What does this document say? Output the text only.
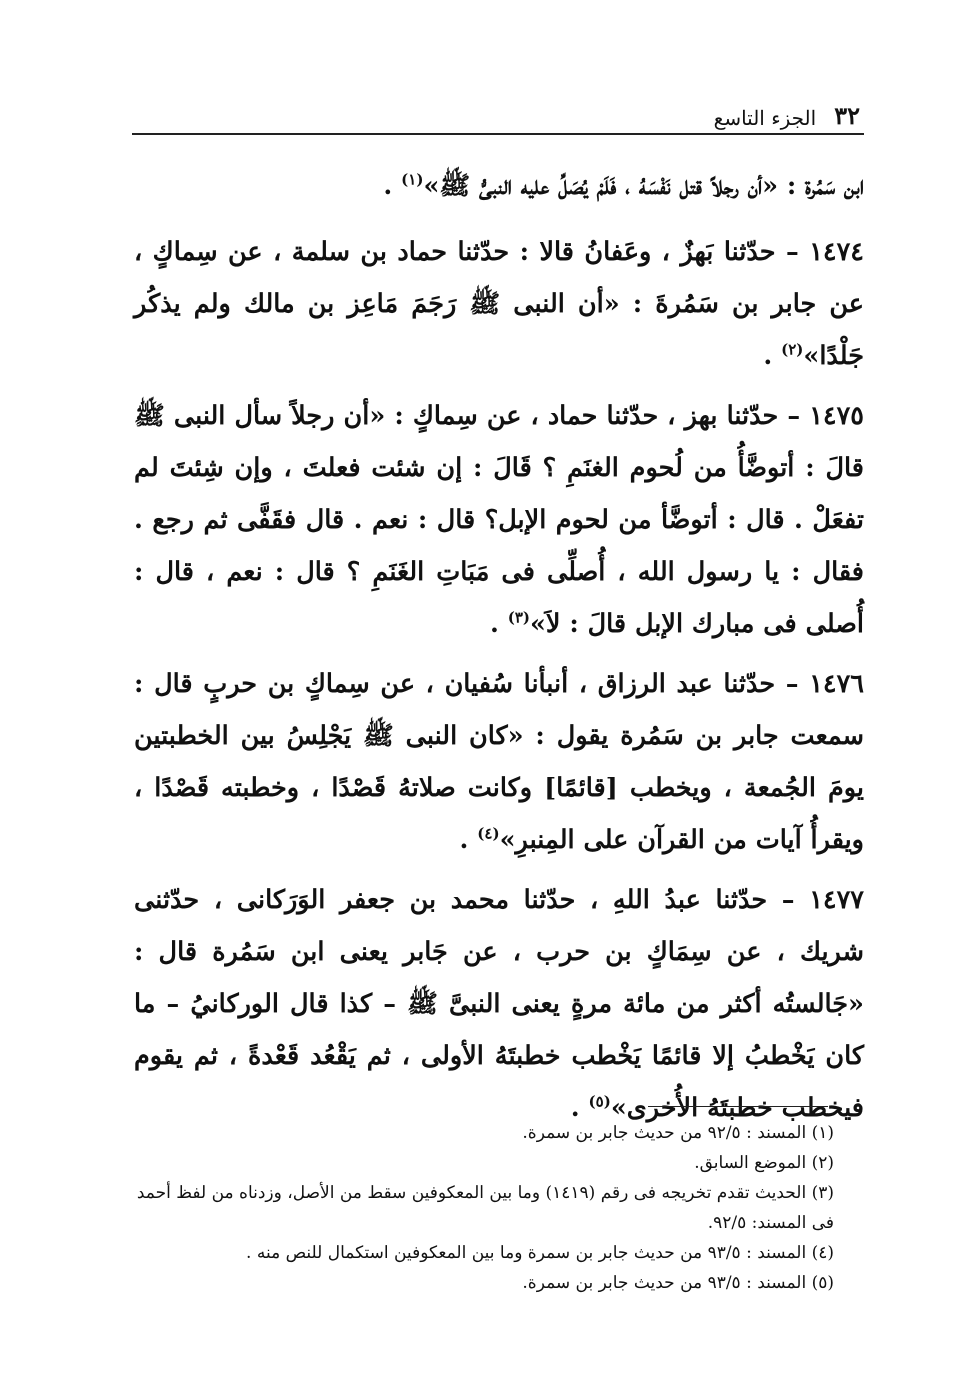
٣٢
الجزء التاسع

ابن سَمُرة : «أن رجلاً قتل نَفْسَهُ ، فَلَمْ يُصَلِّ عليه النبىُّ ﷺ»$^{(١)}$ .

١٤٧٤ – حدّثنا بَهزٌ ، وعَفانُ قالا : حدّثنا حماد بن سلمة ، عن سِماكٍ ، عن جابر بن سَمُرةَ : «أن النبى ﷺ رَجَمَ مَاعِز بن مالك ولم يذكُر جَلْدًا»$^{(٢)}$ .

١٤٧٥ – حدّثنا بهز ، حدّثنا حماد ، عن سِماكٍ : «أن رجلاً سأل النبى ﷺ قالَ : أتوضَّأُ من لُحوم الغنَمِ ؟ قَالَ : إن شئت فعلتَ ، وإن شِئتَ لم تفعَلْ . قال : أتوضَّأ من لحوم الإبل؟ قال : نعم . قال فقَفَّى ثم رجع . فقال : يا رسول الله ، أُصلِّى فى مَبَاتِ الغَنَمِ ؟ قال : نعم ، قال : أُصلى فى مبارك الإبل قالَ : لاَ»$^{(٣)}$ .

١٤٧٦ – حدّثنا عبد الرزاق ، أنبأنا سُفيان ، عن سِماكٍ بن حربٍ قال : سمعت جابر بن سَمُرة يقول : «كان النبى ﷺ يَجْلِسُ بين الخطبتين يومَ الجُمعة ، ويخطب [قائمًا] وكانت صلاتهُ قَصْدًا ، وخطبته قَصْدًا ، ويقرأُ آيات من القرآن على المِنبرِ»$^{(٤)}$ .

١٤٧٧ – حدّثنا عبدُ اللهِ ، حدّثنا محمد بن جعفر الوَرَكانى ، حدّثنى شريك ، عن سِمَاكٍ بن حرب ، عن جَابر يعنى ابن سَمُرة قال : «جَالستُه أكثر من مائة مرةٍ يعنى النبىَّ ﷺ – كذا قال الوركانيُ – ما كان يَخْطبُ إلا قائمًا يَخْطب خطبتَهُ الأولى ، ثم يَقْعُد قَعْدةً ، ثم يقوم فيخطب خطبتَهُ الأُخرى»$^{(٥)}$ .

(١) المسند : ٩٢/٥ من حديث جابر بن سمرة.

(٢) الموضع السابق.

(٣) الحديث تقدم تخريجه فى رقم (١٤١٩) وما بين المعكوفين سقط من الأصل، وزدناه من لفظ أحمد فى المسند: ٩٢/٥.

(٤) المسند : ٩٣/٥ من حديث جابر بن سمرة وما بين المعكوفين استكمال للنص منه .

(٥) المسند : ٩٣/٥ من حديث جابر بن سمرة.
